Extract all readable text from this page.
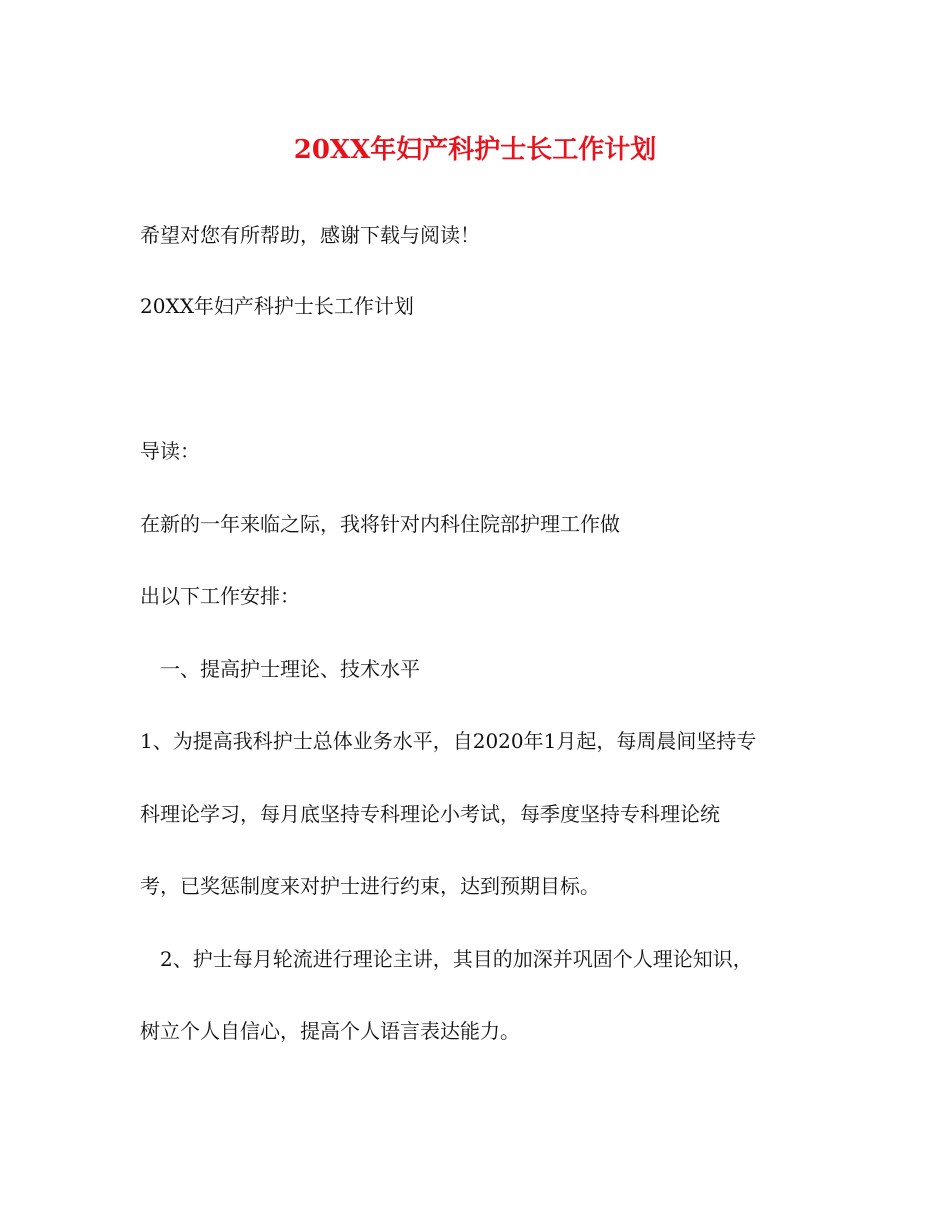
20XX年妇产科护士长工作计划
希望对您有所帮助，感谢下载与阅读！
20XX年妇产科护士长工作计划
导读：
在新的一年来临之际，我将针对内科住院部护理工作做
出以下工作安排：
　一、提高护士理论、技术水平
1、为提高我科护士总体业务水平，自2020年1月起，每周晨间坚持专
科理论学习，每月底坚持专科理论小考试，每季度坚持专科理论统
考，已奖惩制度来对护士进行约束，达到预期目标。
　2、护士每月轮流进行理论主讲，其目的加深并巩固个人理论知识，
树立个人自信心，提高个人语言表达能力。
